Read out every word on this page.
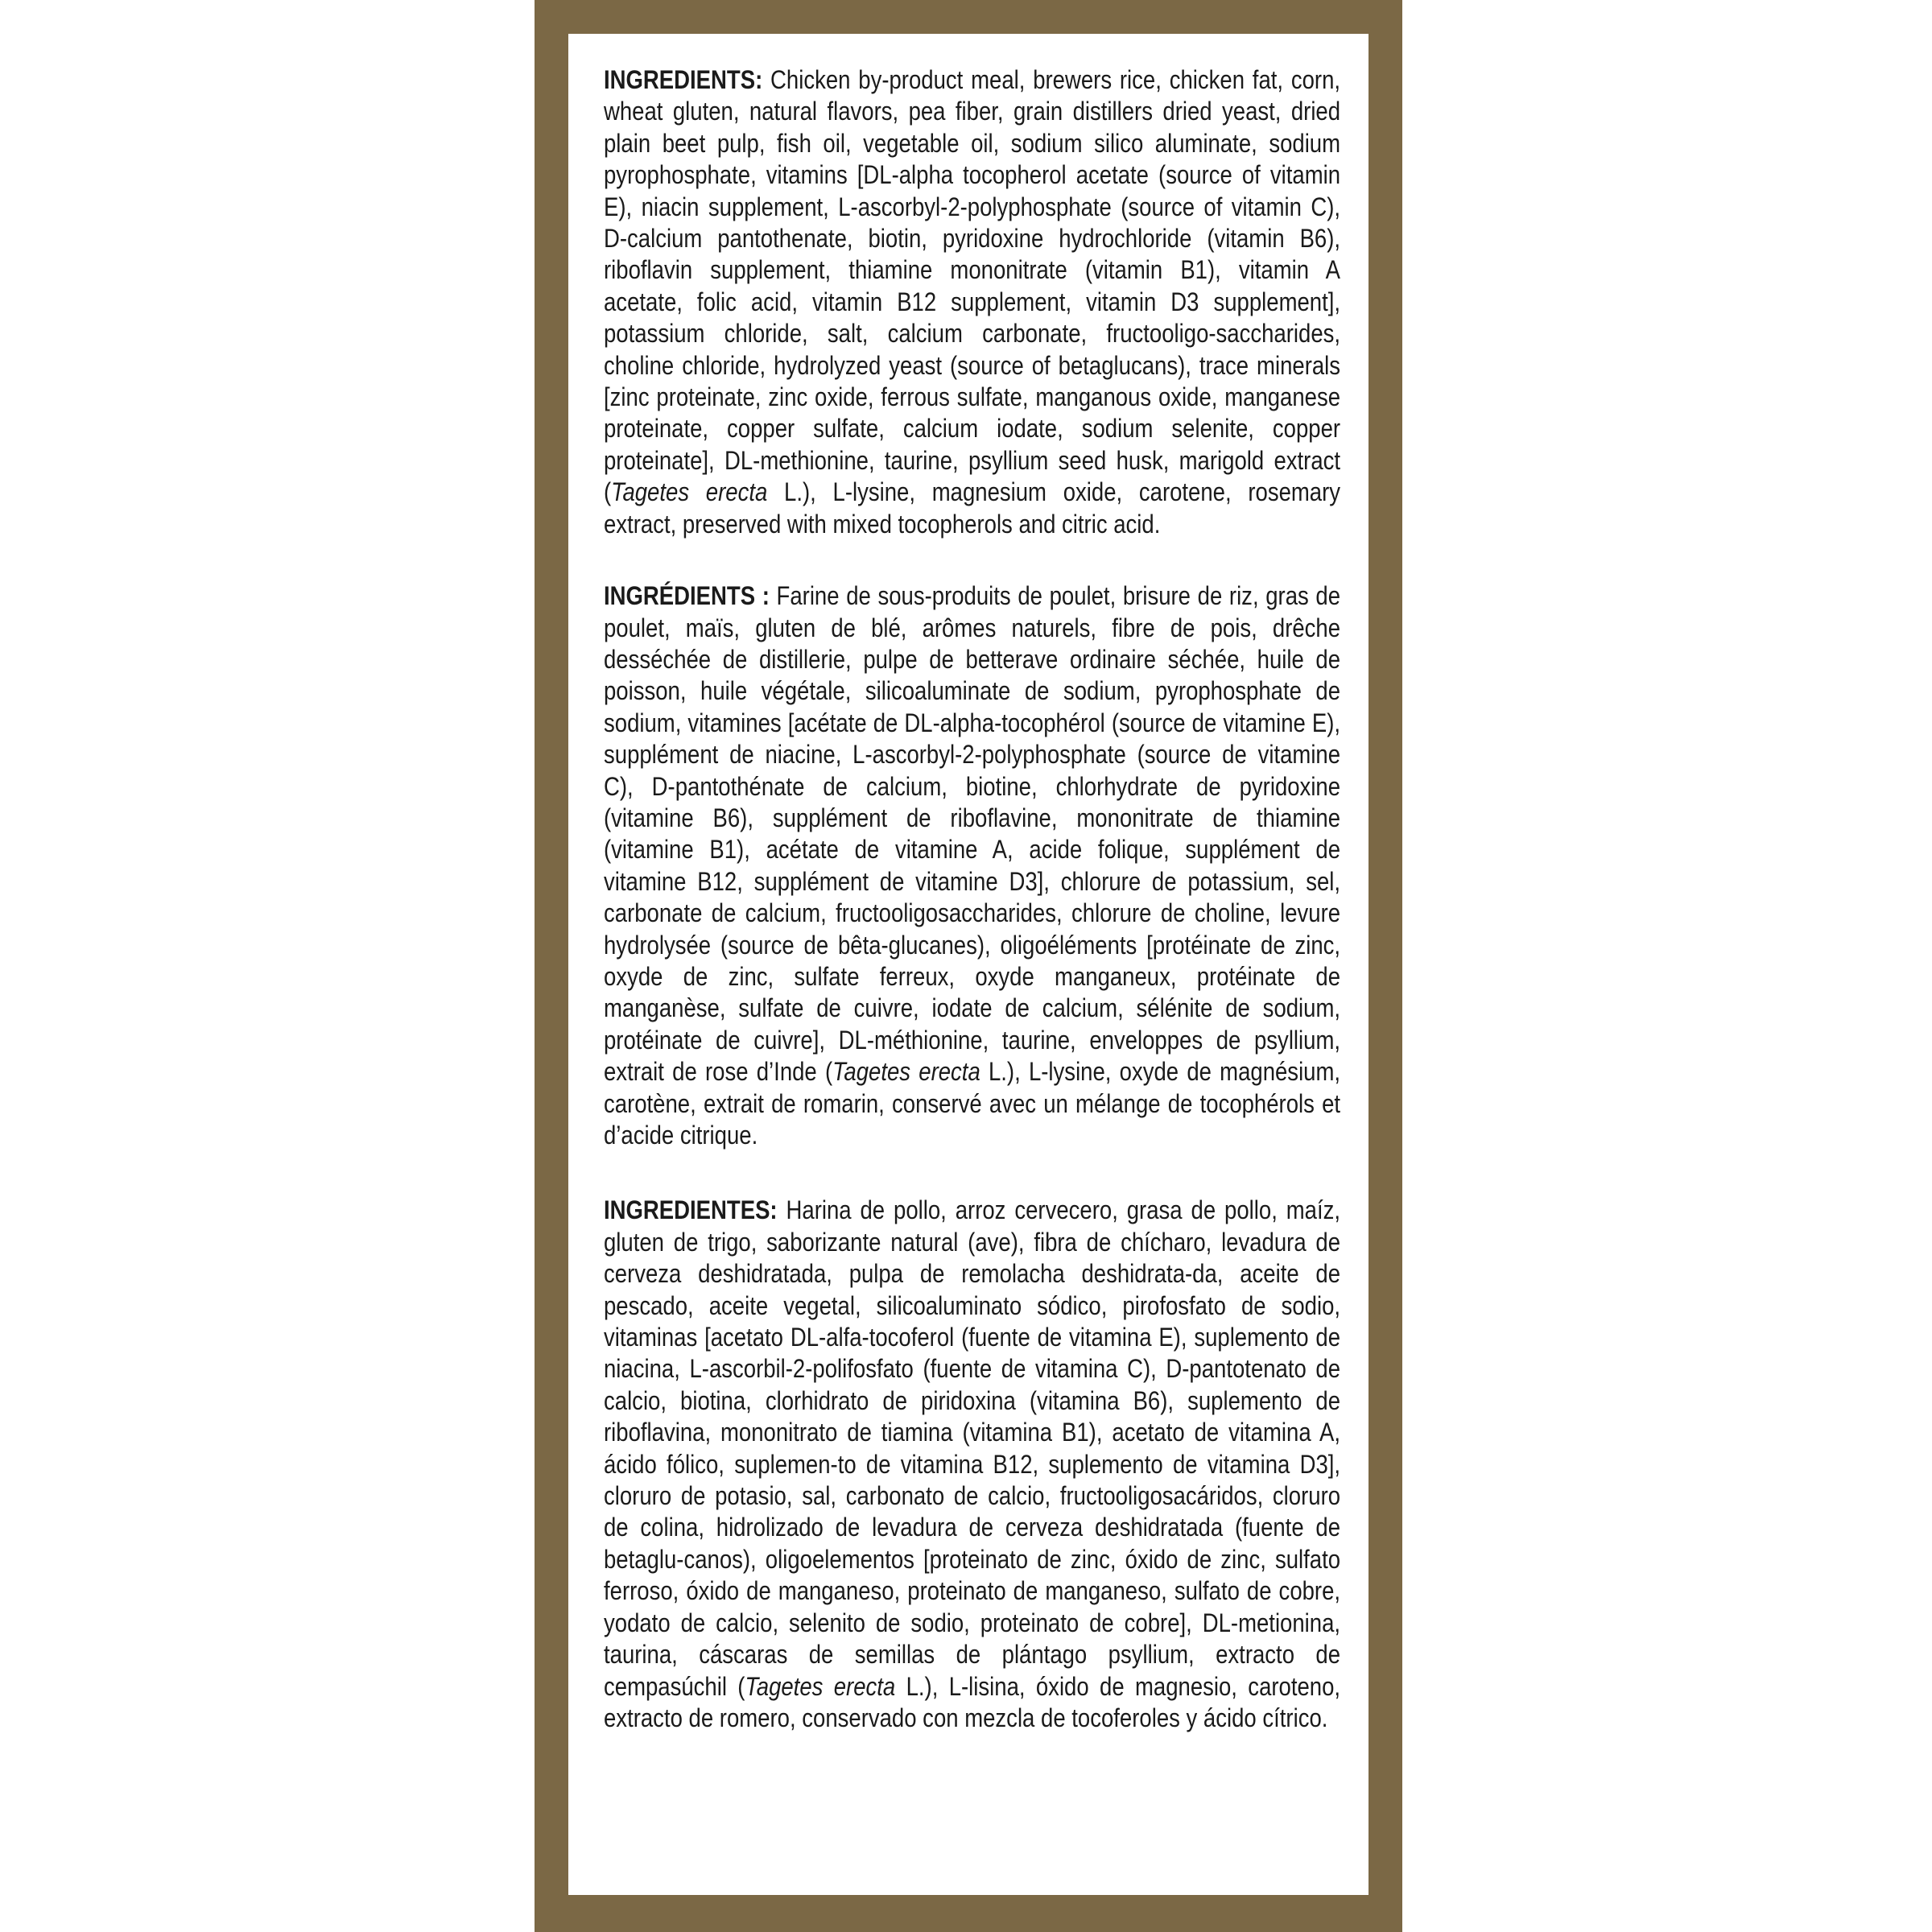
INGREDIENTS: Chicken by-product meal, brewers rice, chicken fat, corn, wheat gluten, natural flavors, pea fiber, grain distillers dried yeast, dried plain beet pulp, fish oil, vegetable oil, sodium silico aluminate, sodium pyrophosphate, vitamins [DL-alpha tocopherol acetate (source of vitamin E), niacin supplement, L-ascorbyl-2-polyphosphate (source of vitamin C), D-calcium pantothenate, biotin, pyridoxine hydrochloride (vitamin B6), riboflavin supplement, thiamine mononitrate (vitamin B1), vitamin A acetate, folic acid, vitamin B12 supplement, vitamin D3 supplement], potassium chloride, salt, calcium carbonate, fructooligo-saccharides, choline chloride, hydrolyzed yeast (source of betaglucans), trace minerals [zinc proteinate, zinc oxide, ferrous sulfate, manganous oxide, manganese proteinate, copper sulfate, calcium iodate, sodium selenite, copper proteinate], DL-methionine, taurine, psyllium seed husk, marigold extract (Tagetes erecta L.), L-lysine, magnesium oxide, carotene, rosemary extract, preserved with mixed tocopherols and citric acid.

INGRÉDIENTS : Farine de sous-produits de poulet, brisure de riz, gras de poulet, maïs, gluten de blé, arômes naturels, fibre de pois, drêche desséchée de distillerie, pulpe de betterave ordinaire séchée, huile de poisson, huile végétale, silicoaluminate de sodium, pyrophosphate de sodium, vitamines [acétate de DL-alpha-tocophérol (source de vitamine E), supplément de niacine, L-ascorbyl-2-polyphosphate (source de vitamine C), D-pantothénate de calcium, biotine, chlorhydrate de pyridoxine (vitamine B6), supplément de riboflavine, mononitrate de thiamine (vitamine B1), acétate de vitamine A, acide folique, supplément de vitamine B12, supplément de vitamine D3], chlorure de potassium, sel, carbonate de calcium, fructooligosaccharides, chlorure de choline, levure hydrolysée (source de bêta-glucanes), oligoéléments [protéinate de zinc, oxyde de zinc, sulfate ferreux, oxyde manganeux, protéinate de manganèse, sulfate de cuivre, iodate de calcium, sélénite de sodium, protéinate de cuivre], DL-méthionine, taurine, enveloppes de psyllium, extrait de rose d’Inde (Tagetes erecta L.), L-lysine, oxyde de magnésium, carotène, extrait de romarin, conservé avec un mélange de tocophérols et d’acide citrique.

INGREDIENTES: Harina de pollo, arroz cervecero, grasa de pollo, maíz, gluten de trigo, saborizante natural (ave), fibra de chícharo, levadura de cerveza deshidratada, pulpa de remolacha deshidrata-da, aceite de pescado, aceite vegetal, silicoaluminato sódico, pirofosfato de sodio, vitaminas [acetato DL-alfa-tocoferol (fuente de vitamina E), suplemento de niacina, L-ascorbil-2-polifosfato (fuente de vitamina C), D-pantotenato de calcio, biotina, clorhidrato de piridoxina (vitamina B6), suplemento de riboflavina, mononitrato de tiamina (vitamina B1), acetato de vitamina A, ácido fólico, suplemen-to de vitamina B12, suplemento de vitamina D3], cloruro de potasio, sal, carbonato de calcio, fructooligosacáridos, cloruro de colina, hidrolizado de levadura de cerveza deshidratada (fuente de betaglu-canos), oligoelementos [proteinato de zinc, óxido de zinc, sulfato ferroso, óxido de manganeso, proteinato de manganeso, sulfato de cobre, yodato de calcio, selenito de sodio, proteinato de cobre], DL-metionina, taurina, cáscaras de semillas de plántago psyllium, extracto de cempasúchil (Tagetes erecta L.), L-lisina, óxido de magnesio, caroteno, extracto de romero, conservado con mezcla de tocoferoles y ácido cítrico.
